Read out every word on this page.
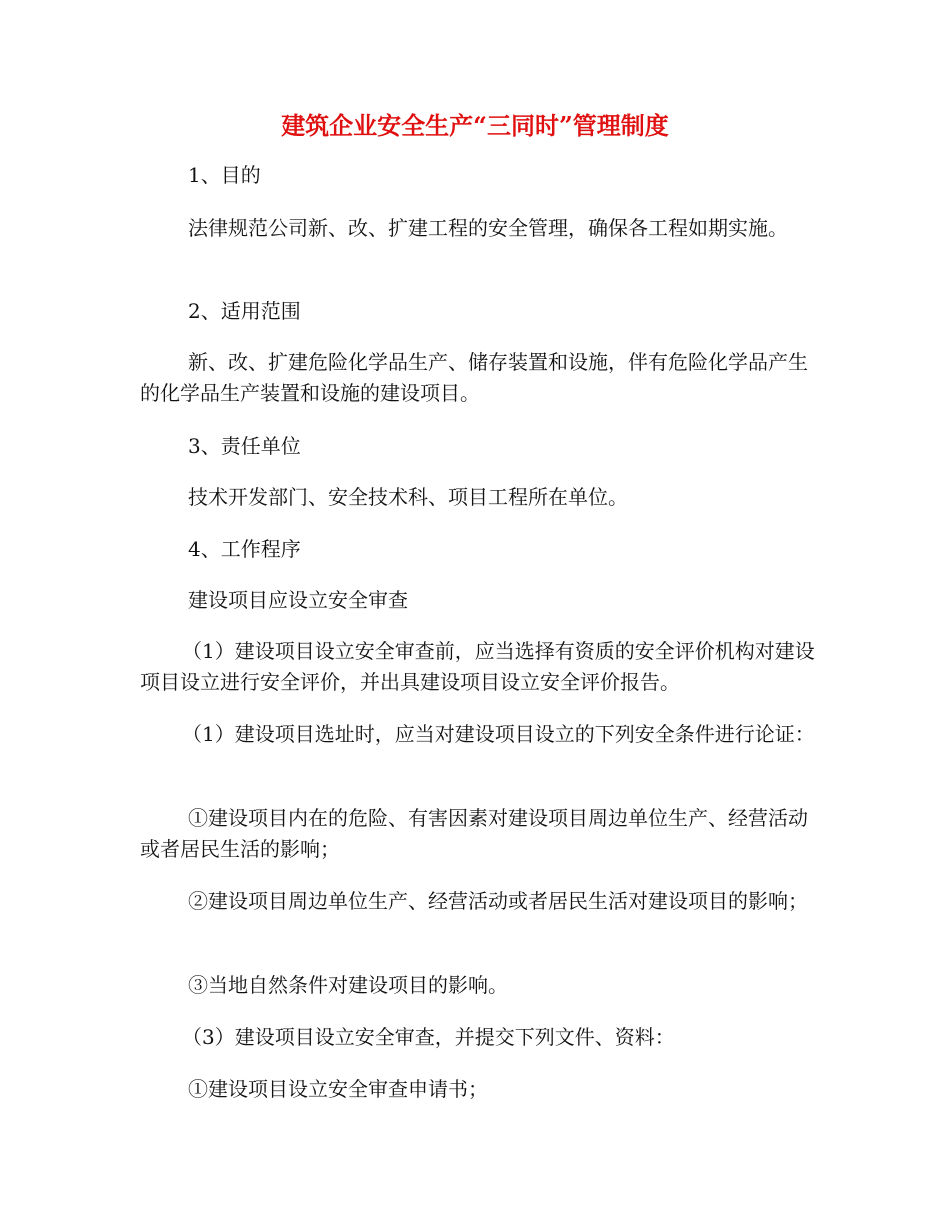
建筑企业安全生产“三同时”管理制度

1、目的

法律规范公司新、改、扩建工程的安全管理，确保各工程如期实施。

2、适用范围

新、改、扩建危险化学品生产、储存装置和设施，伴有危险化学品产生的化学品生产装置和设施的建设项目。

3、责任单位

技术开发部门、安全技术科、项目工程所在单位。

4、工作程序

建设项目应设立安全审查

（1）建设项目设立安全审查前，应当选择有资质的安全评价机构对建设项目设立进行安全评价，并出具建设项目设立安全评价报告。

（1）建设项目选址时，应当对建设项目设立的下列安全条件进行论证：

①建设项目内在的危险、有害因素对建设项目周边单位生产、经营活动或者居民生活的影响；

②建设项目周边单位生产、经营活动或者居民生活对建设项目的影响；

③当地自然条件对建设项目的影响。

（3）建设项目设立安全审查，并提交下列文件、资料：

①建设项目设立安全审查申请书；
